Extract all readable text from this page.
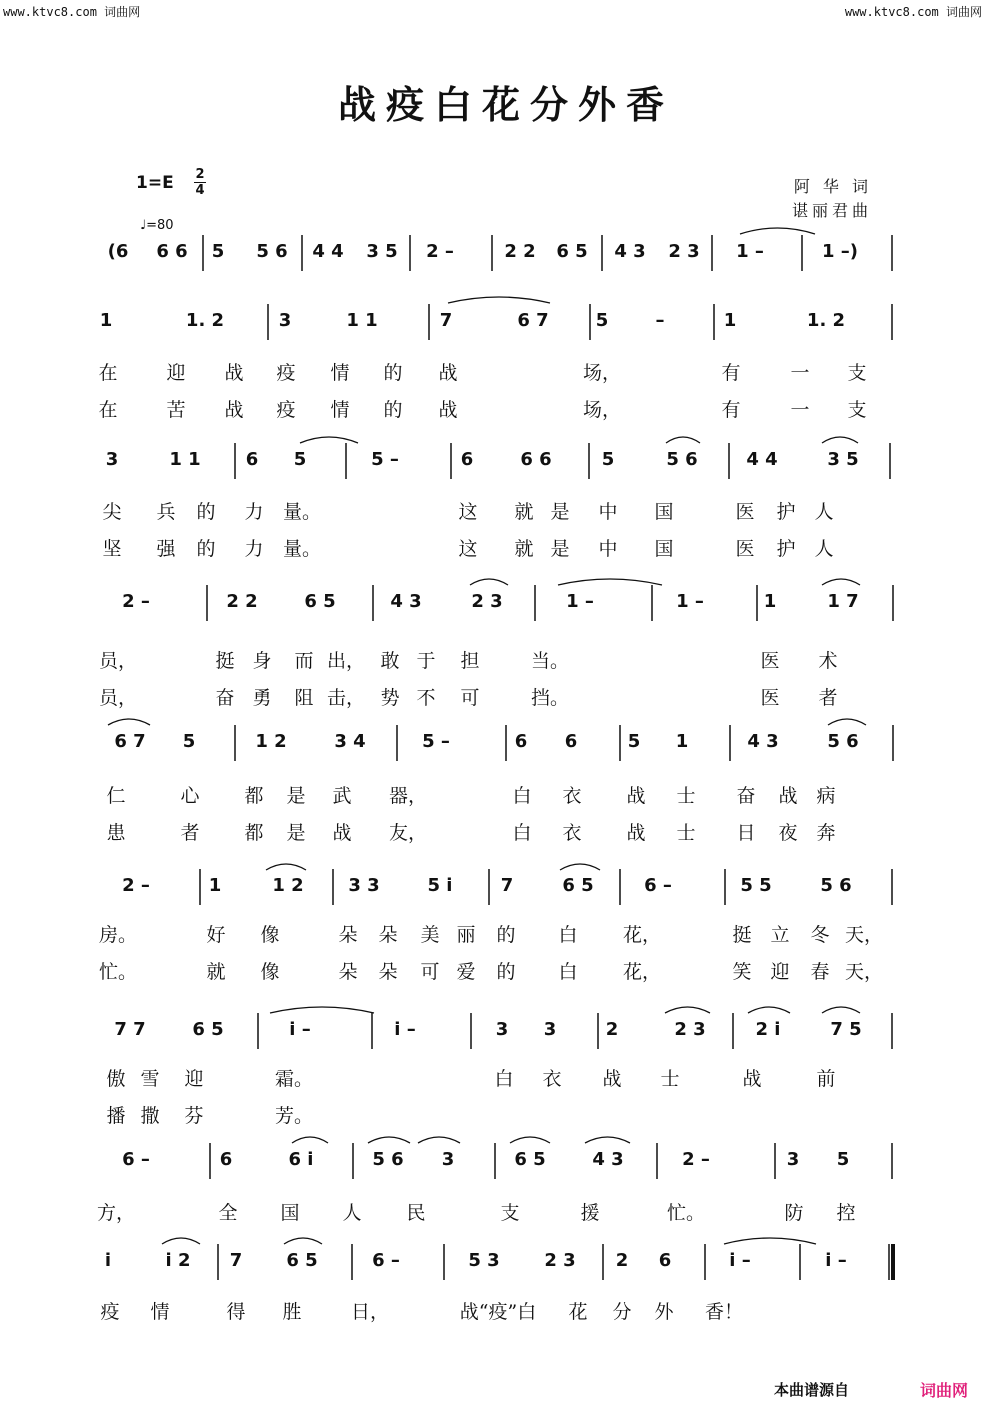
www.ktvc8.com 词曲网	www.ktvc8.com 词曲网
战疫白花分外香
1=E 2
4
♩=80
阿 华 词
谌丽君曲
(6 6 6 5 5 6 4 4 3 5 2 –	2 2 6 5 4 3 2 3 1 –	1 –)
1	1. 2	3	1 1	7	6 7	5	–	1	1. 2
在	迎 战 疫 情 的 战	场，	有	一 支
在	苦 战 疫 情 的 战	场，	有	一 支
3	1 1	6 5	5 –	6	6 6	5	5 6	4 4	3 5
尖 兵 的 力 量。	这 就 是 中 国	医 护 人
坚 强 的 力 量。	这 就 是 中 国	医 护 人
2 –	2 2	6 5	4 3	2 3	1 –	1 –	1	1 7
员，	挺 身 而 出， 敢 于 担	当。	医 术
员，	奋 勇 阻 击， 势 不 可	挡。	医 者
6 7 5	1 2	3 4	5 –	6 6	5 1	4 3	5 6
仁	心 都 是 武 器，	白 衣 战 士 奋 战 病
患	者 都 是 战 友，	白 衣 战 士 日 夜 奔
2 –	1	1 2 3 3	5 i	7	6 5	6 –	5 5	5 6
房。	好 像	朵 朵 美 丽 的 白 花，	挺 立 冬 天，
忙。	就 像	朵 朵 可 爱 的 白 花，	笑 迎 春 天，
7 7	6 5	i –	i –	3 3	2	2 3	2 i	7 5
傲 雪 迎	霜。	白 衣 战 士	战	前
播 撒 芬	芳。
6 –	6	6 i	5 6 3	6 5	4 3	2 –	3 5
方，	全 国 人 民	支	援	忙。	防 控
i	i 2 7 6 5	6 –	5 3 2 3 2 6	i –	i –
疫 情	得 胜	日，	战“疫”白 花 分 外 香！
本曲谱源自	词曲网
